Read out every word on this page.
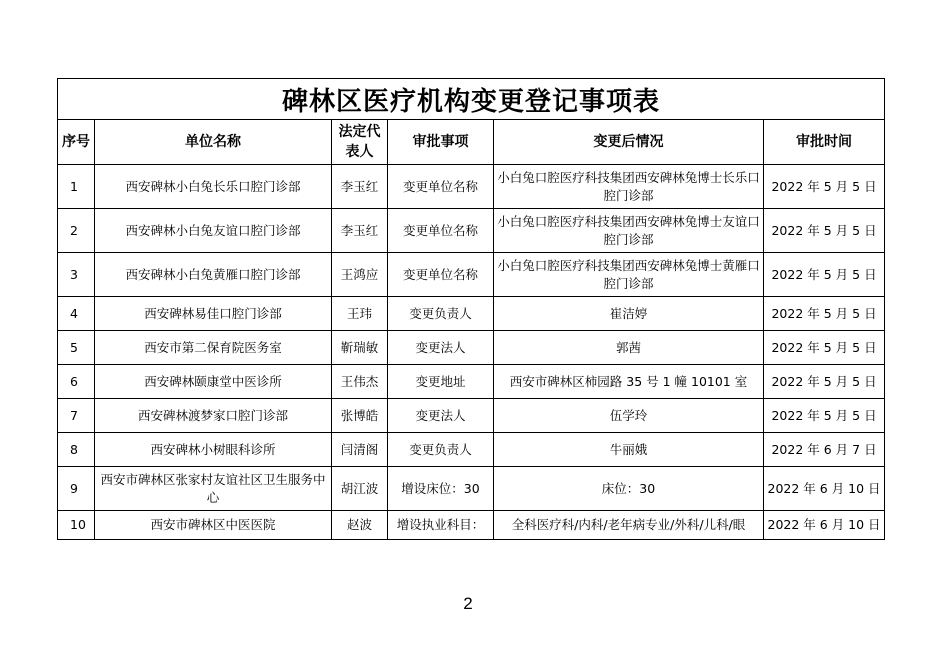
碑林区医疗机构变更登记事项表					
序号	单位名称	法定代表人	审批事项	变更后情况	审批时间
1	西安碑林小白兔长乐口腔门诊部	李玉红	变更单位名称	小白兔口腔医疗科技集团西安碑林兔博士长乐口腔门诊部	2022 年 5 月 5 日
2	西安碑林小白兔友谊口腔门诊部	李玉红	变更单位名称	小白兔口腔医疗科技集团西安碑林兔博士友谊口腔门诊部	2022 年 5 月 5 日
3	西安碑林小白兔黄雁口腔门诊部	王鸿应	变更单位名称	小白兔口腔医疗科技集团西安碑林兔博士黄雁口腔门诊部	2022 年 5 月 5 日
4	西安碑林易佳口腔门诊部	王玮	变更负责人	崔洁婷	2022 年 5 月 5 日
5	西安市第二保育院医务室	靳瑞敏	变更法人	郭茜	2022 年 5 月 5 日
6	西安碑林颐康堂中医诊所	王伟杰	变更地址	西安市碑林区柿园路 35 号 1 幢 10101 室	2022 年 5 月 5 日
7	西安碑林渡梦家口腔门诊部	张博皓	变更法人	伍学玲	2022 年 5 月 5 日
8	西安碑林小树眼科诊所	闫清阁	变更负责人	牛丽娥	2022 年 6 月 7 日
9	西安市碑林区张家村友谊社区卫生服务中心	胡江波	增设床位：30	床位：30	2022 年 6 月 10 日
10	西安市碑林区中医医院	赵波	增设执业科目：	全科医疗科/内科/老年病专业/外科/儿科/眼	2022 年 6 月 10 日
2
